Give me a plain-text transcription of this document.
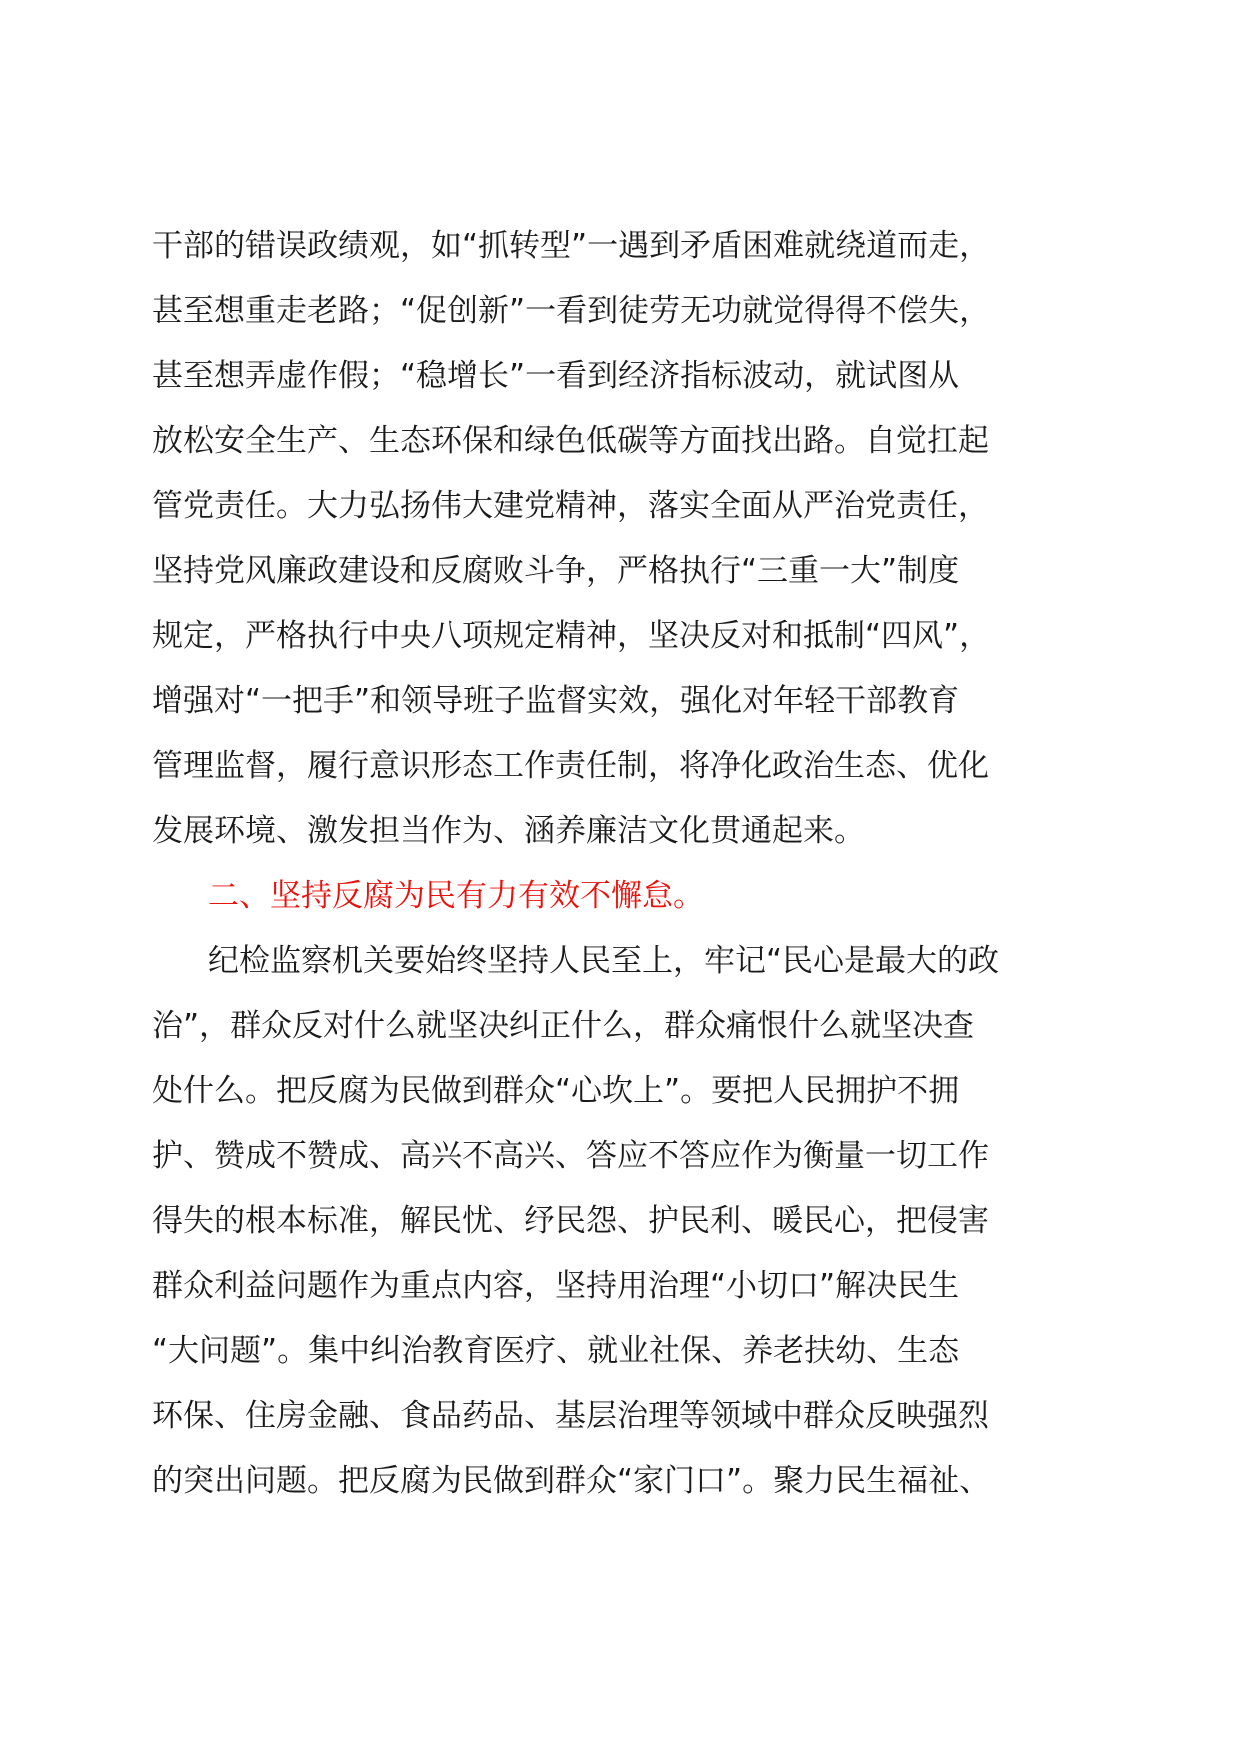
干部的错误政绩观，如“抓转型”一遇到矛盾困难就绕道而走，
甚至想重走老路；“促创新”一看到徒劳无功就觉得得不偿失，
甚至想弄虚作假；“稳增长”一看到经济指标波动，就试图从
放松安全生产、生态环保和绿色低碳等方面找出路。自觉扛起
管党责任。大力弘扬伟大建党精神，落实全面从严治党责任，
坚持党风廉政建设和反腐败斗争，严格执行“三重一大”制度
规定，严格执行中央八项规定精神，坚决反对和抵制“四风”，
增强对“一把手”和领导班子监督实效，强化对年轻干部教育
管理监督，履行意识形态工作责任制，将净化政治生态、优化
发展环境、激发担当作为、涵养廉洁文化贯通起来。
二、坚持反腐为民有力有效不懈怠。
纪检监察机关要始终坚持人民至上，牢记“民心是最大的政
治”，群众反对什么就坚决纠正什么，群众痛恨什么就坚决查
处什么。把反腐为民做到群众“心坎上”。要把人民拥护不拥
护、赞成不赞成、高兴不高兴、答应不答应作为衡量一切工作
得失的根本标准，解民忧、纾民怨、护民利、暖民心，把侵害
群众利益问题作为重点内容，坚持用治理“小切口”解决民生
“大问题”。集中纠治教育医疗、就业社保、养老扶幼、生态
环保、住房金融、食品药品、基层治理等领域中群众反映强烈
的突出问题。把反腐为民做到群众“家门口”。聚力民生福祉、
